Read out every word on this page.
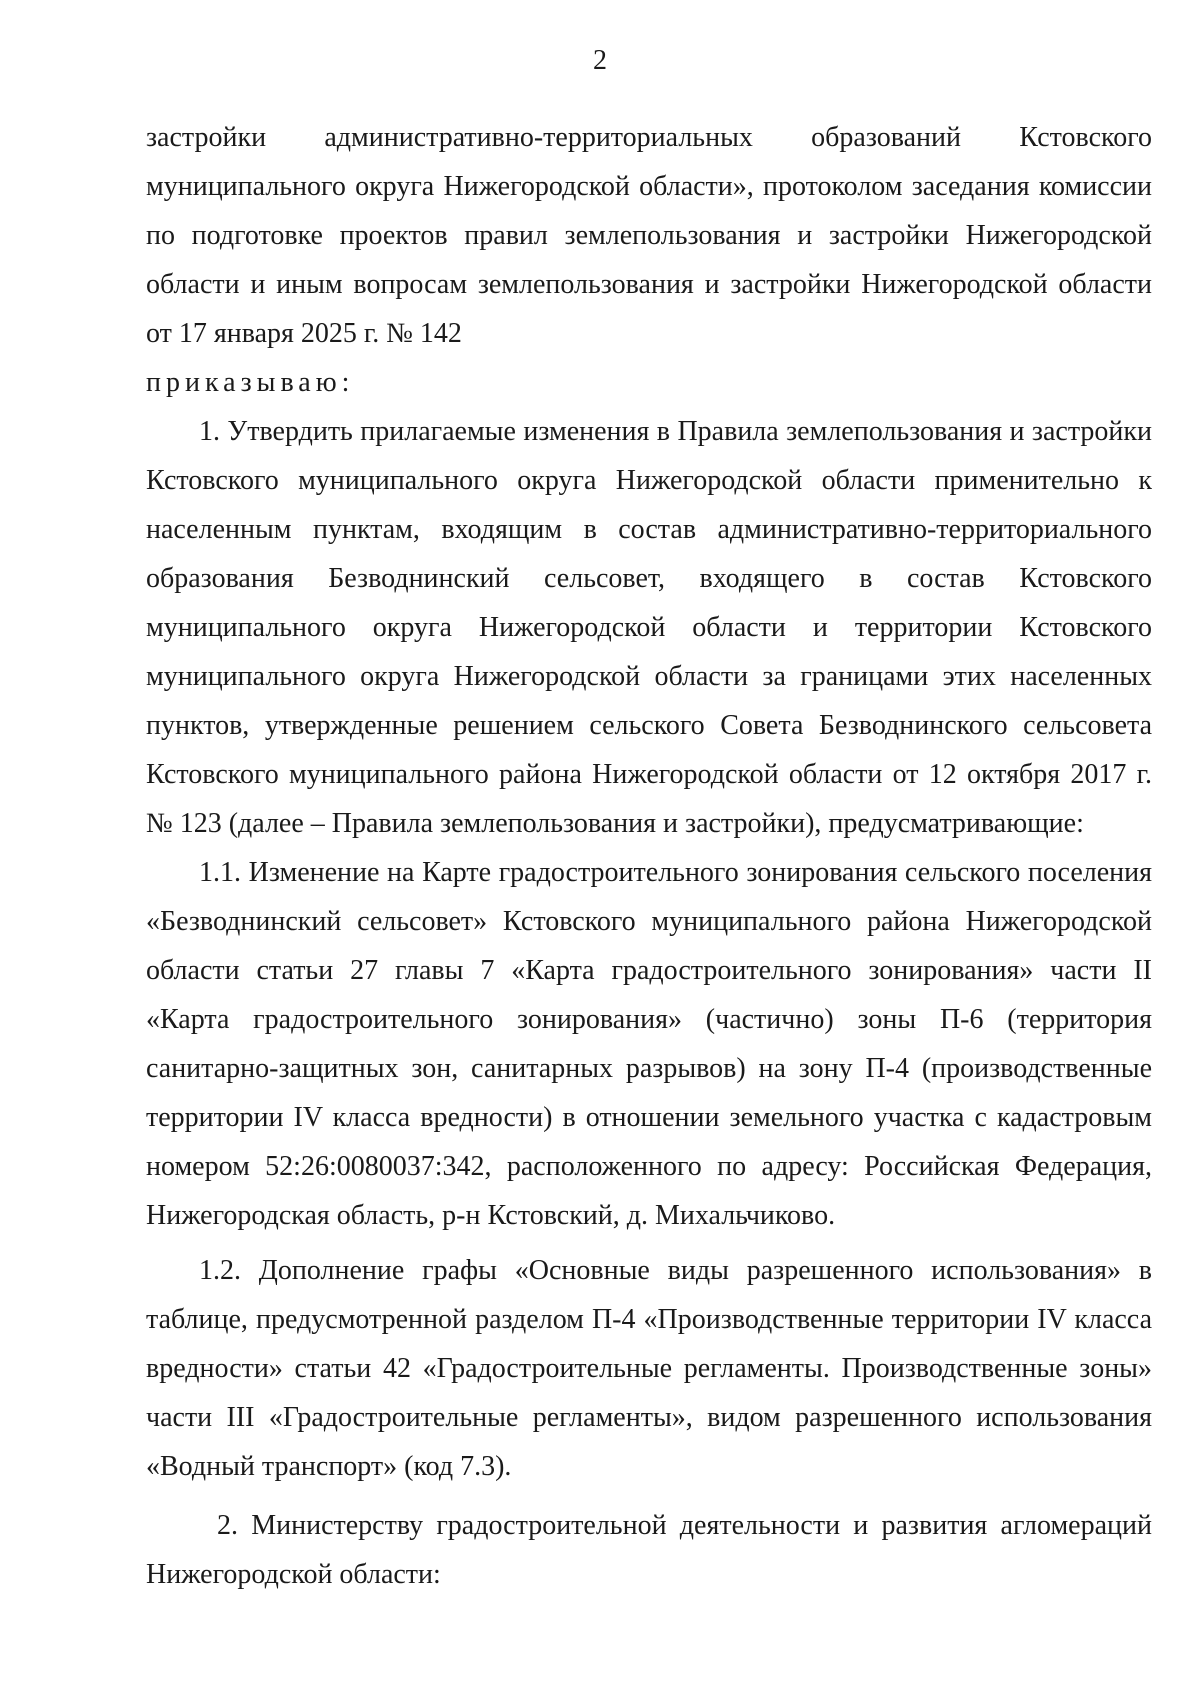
2

застройки административно-территориальных образований Кстовского муниципального округа Нижегородской области», протоколом заседания комиссии по подготовке проектов правил землепользования и застройки Нижегородской области и иным вопросам землепользования и застройки Нижегородской области от 17 января 2025 г. № 142

приказываю:

1. Утвердить прилагаемые изменения в Правила землепользования и застройки Кстовского муниципального округа Нижегородской области применительно к населенным пунктам, входящим в состав административно-территориального образования Безводнинский сельсовет, входящего в состав Кстовского муниципального округа Нижегородской области и территории Кстовского муниципального округа Нижегородской области за границами этих населенных пунктов, утвержденные решением сельского Совета Безводнинского сельсовета Кстовского муниципального района Нижегородской области от 12 октября 2017 г. № 123 (далее – Правила землепользования и застройки), предусматривающие:

1.1. Изменение на Карте градостроительного зонирования сельского поселения «Безводнинский сельсовет» Кстовского муниципального района Нижегородской области статьи 27 главы 7 «Карта градостроительного зонирования» части II «Карта градостроительного зонирования» (частично) зоны П-6 (территория санитарно-защитных зон, санитарных разрывов) на зону П-4 (производственные территории IV класса вредности) в отношении земельного участка с кадастровым номером 52:26:0080037:342, расположенного по адресу: Российская Федерация, Нижегородская область, р-н Кстовский, д. Михальчиково.

1.2. Дополнение графы «Основные виды разрешенного использования» в таблице, предусмотренной разделом П-4 «Производственные территории IV класса вредности» статьи 42 «Градостроительные регламенты. Производственные зоны» части III «Градостроительные регламенты», видом разрешенного использования «Водный транспорт» (код 7.3).

2. Министерству градостроительной деятельности и развития агломераций Нижегородской области:
